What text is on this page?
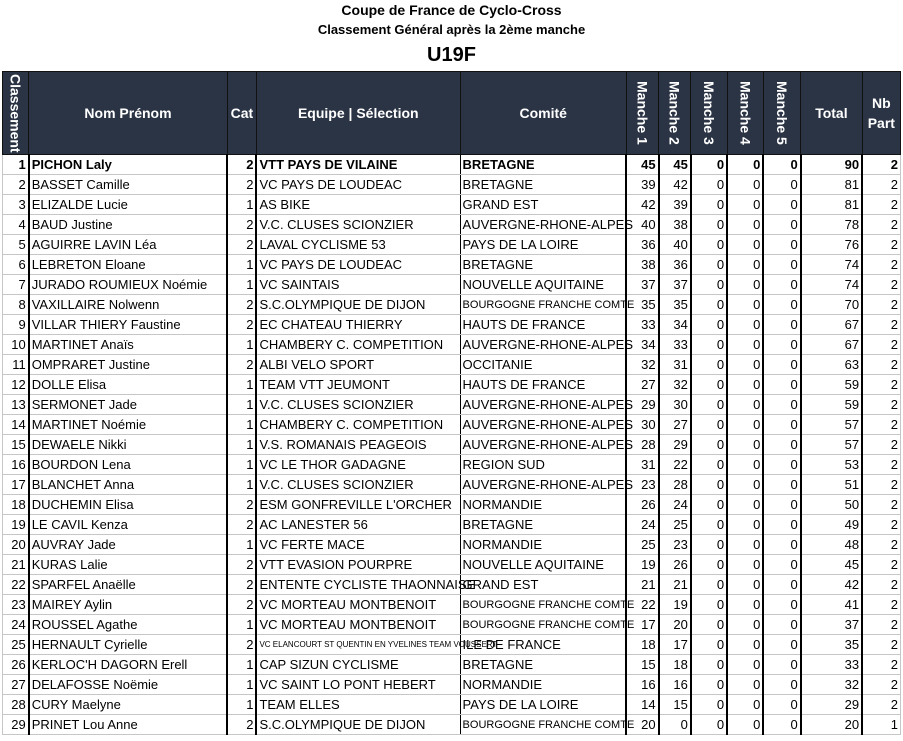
Coupe de France de Cyclo-Cross
Classement Général après la 2ème manche
U19F
Classement	Nom Prénom	Cat	Equipe | Sélection	Comité	Manche 1	Manche 2	Manche 3	Manche 4	Manche 5	Total	Nb Part
1	PICHON Laly	2	VTT PAYS DE VILAINE	BRETAGNE	45	45	0	0	0	90	2
2	BASSET Camille	2	VC PAYS DE LOUDEAC	BRETAGNE	39	42	0	0	0	81	2
3	ELIZALDE Lucie	1	AS BIKE	GRAND EST	42	39	0	0	0	81	2
4	BAUD Justine	2	V.C. CLUSES SCIONZIER	AUVERGNE-RHONE-ALPES	40	38	0	0	0	78	2
5	AGUIRRE LAVIN Léa	2	LAVAL CYCLISME 53	PAYS DE LA LOIRE	36	40	0	0	0	76	2
6	LEBRETON Eloane	1	VC PAYS DE LOUDEAC	BRETAGNE	38	36	0	0	0	74	2
7	JURADO ROUMIEUX Noémie	1	VC SAINTAIS	NOUVELLE AQUITAINE	37	37	0	0	0	74	2
8	VAXILLAIRE Nolwenn	2	S.C.OLYMPIQUE DE DIJON	BOURGOGNE FRANCHE COMTE	35	35	0	0	0	70	2
9	VILLAR THIERY Faustine	2	EC CHATEAU THIERRY	HAUTS DE FRANCE	33	34	0	0	0	67	2
10	MARTINET Anaïs	1	CHAMBERY C. COMPETITION	AUVERGNE-RHONE-ALPES	34	33	0	0	0	67	2
11	OMPRARET Justine	2	ALBI VELO SPORT	OCCITANIE	32	31	0	0	0	63	2
12	DOLLE Elisa	1	TEAM VTT JEUMONT	HAUTS DE FRANCE	27	32	0	0	0	59	2
13	SERMONET Jade	1	V.C. CLUSES SCIONZIER	AUVERGNE-RHONE-ALPES	29	30	0	0	0	59	2
14	MARTINET Noémie	1	CHAMBERY C. COMPETITION	AUVERGNE-RHONE-ALPES	30	27	0	0	0	57	2
15	DEWAELE Nikki	1	V.S. ROMANAIS PEAGEOIS	AUVERGNE-RHONE-ALPES	28	29	0	0	0	57	2
16	BOURDON Lena	1	VC LE THOR GADAGNE	REGION SUD	31	22	0	0	0	53	2
17	BLANCHET Anna	1	V.C. CLUSES SCIONZIER	AUVERGNE-RHONE-ALPES	23	28	0	0	0	51	2
18	DUCHEMIN Elisa	2	ESM GONFREVILLE L'ORCHER	NORMANDIE	26	24	0	0	0	50	2
19	LE CAVIL Kenza	2	AC LANESTER 56	BRETAGNE	24	25	0	0	0	49	2
20	AUVRAY Jade	1	VC FERTE MACE	NORMANDIE	25	23	0	0	0	48	2
21	KURAS Lalie	2	VTT EVASION POURPRE	NOUVELLE AQUITAINE	19	26	0	0	0	45	2
22	SPARFEL Anaëlle	2	ENTENTE CYCLISTE THAONNAISE	GRAND EST	21	21	0	0	0	42	2
23	MAIREY Aylin	2	VC MORTEAU MONTBENOIT	BOURGOGNE FRANCHE COMTE	22	19	0	0	0	41	2
24	ROUSSEL Agathe	1	VC MORTEAU MONTBENOIT	BOURGOGNE FRANCHE COMTE	17	20	0	0	0	37	2
25	HERNAULT Cyrielle	2	VC ELANCOURT ST QUENTIN EN YVELINES TEAM VOUSSERT	ILE DE FRANCE	18	17	0	0	0	35	2
26	KERLOC'H DAGORN Erell	1	CAP SIZUN CYCLISME	BRETAGNE	15	18	0	0	0	33	2
27	DELAFOSSE Noëmie	1	VC SAINT LO PONT HEBERT	NORMANDIE	16	16	0	0	0	32	2
28	CURY Maelyne	1	TEAM ELLES	PAYS DE LA LOIRE	14	15	0	0	0	29	2
29	PRINET Lou Anne	2	S.C.OLYMPIQUE DE DIJON	BOURGOGNE FRANCHE COMTE	20	0	0	0	0	20	1
